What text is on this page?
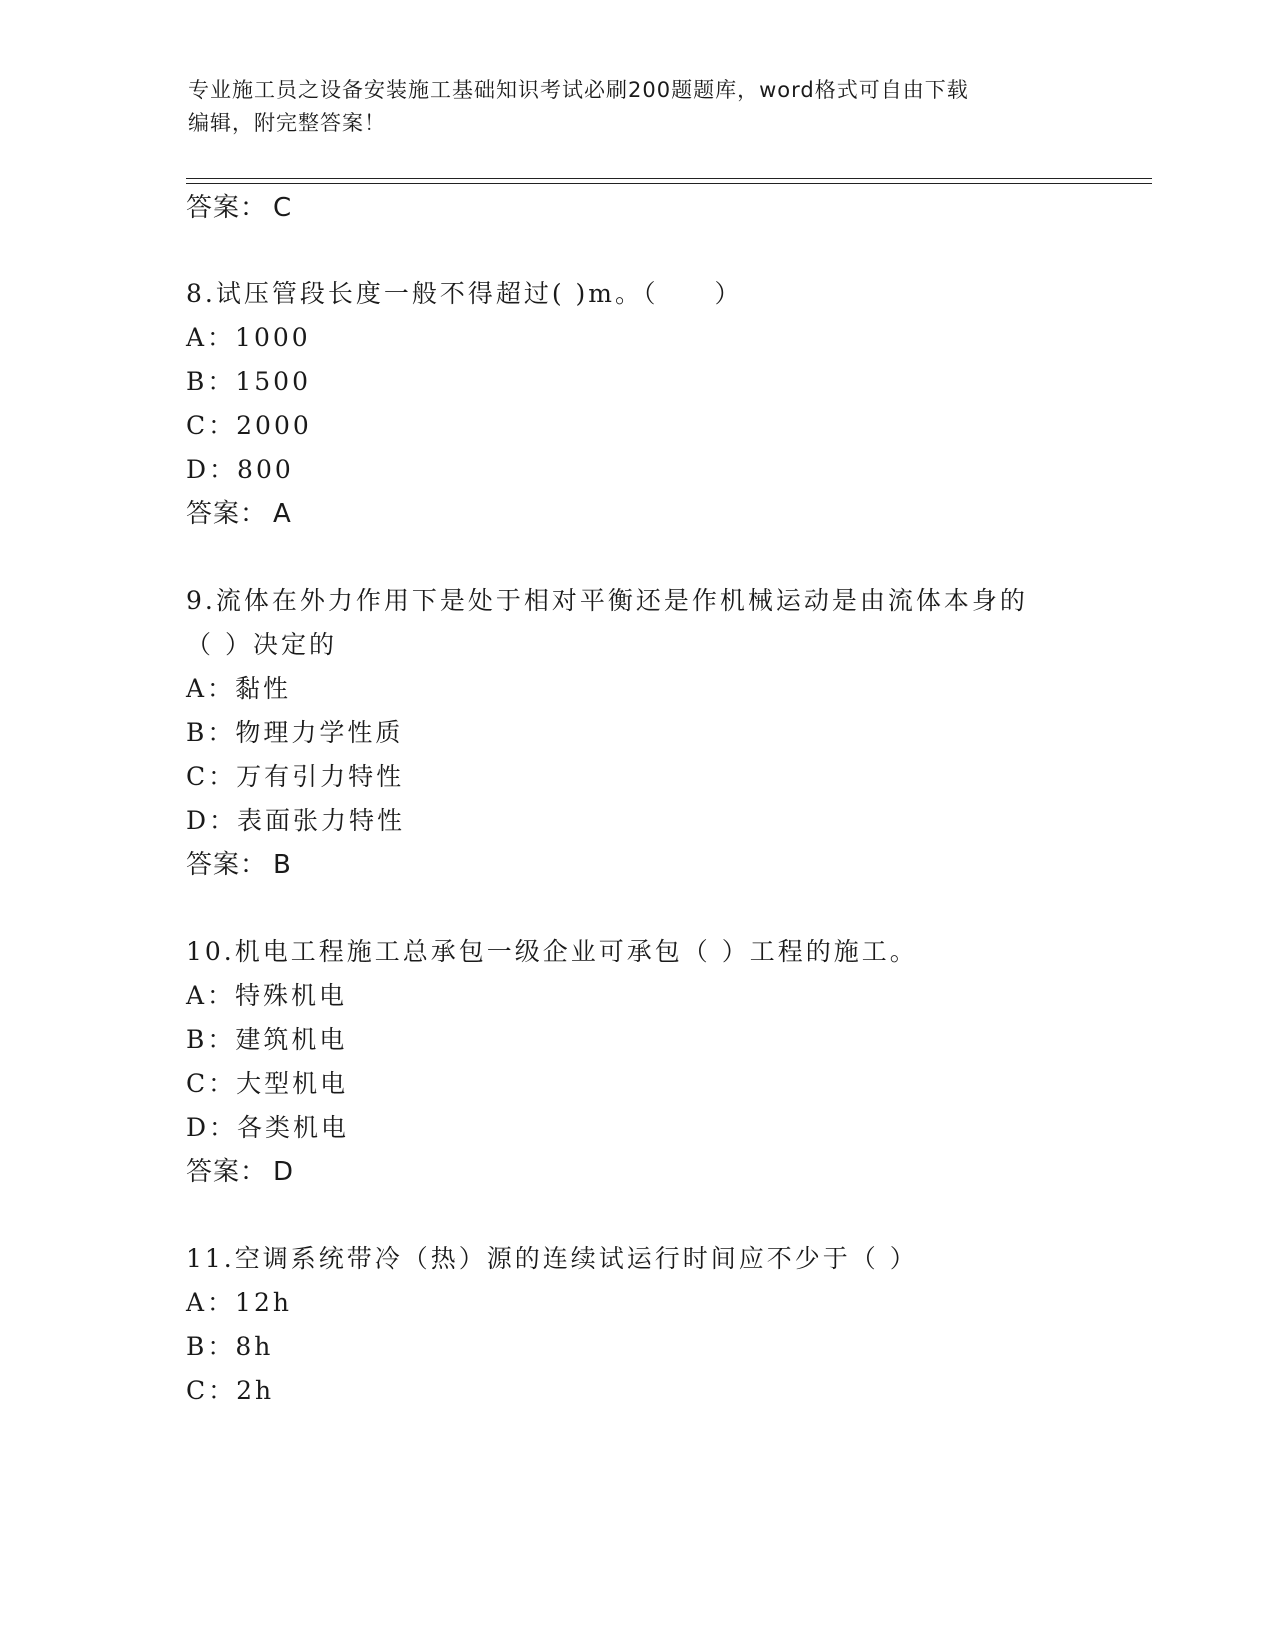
专业施工员之设备安装施工基础知识考试必刷200题题库，word格式可自由下载
编辑，附完整答案！
答案： C
8.试压管段长度一般不得超过( )m。（　　）
A：1000
B：1500
C：2000
D：800
答案： A
9.流体在外力作用下是处于相对平衡还是作机械运动是由流体本身的
（ ）决定的
A：黏性
B：物理力学性质
C：万有引力特性
D：表面张力特性
答案： B
10.机电工程施工总承包一级企业可承包（ ）工程的施工。
A：特殊机电
B：建筑机电
C：大型机电
D：各类机电
答案： D
11.空调系统带冷（热）源的连续试运行时间应不少于（ ）
A：12h
B：8h
C：2h
